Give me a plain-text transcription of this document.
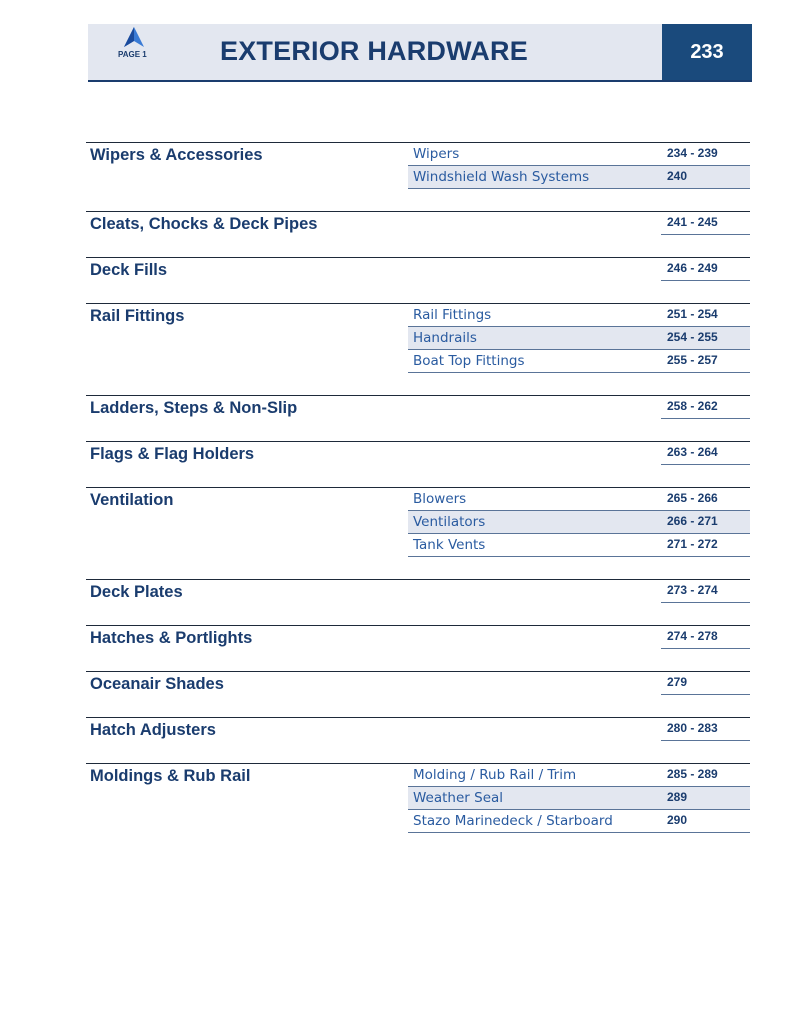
PAGE 1	EXTERIOR HARDWARE	233
Wipers & Accessories	Wipers	234 - 239
Windshield Wash Systems	240
Cleats, Chocks & Deck Pipes	241 - 245
Deck Fills	246 - 249
Rail Fittings	Rail Fittings	251 - 254
Handrails	254 - 255
Boat Top Fittings	255 - 257
Ladders, Steps & Non-Slip	258 - 262
Flags & Flag Holders	263 - 264
Ventilation	Blowers	265 - 266
Ventilators	266 - 271
Tank Vents	271 - 272
Deck Plates	273 - 274
Hatches & Portlights	274 - 278
Oceanair Shades	279
Hatch Adjusters	280 - 283
Moldings & Rub Rail	Molding / Rub Rail / Trim	285 - 289
Weather Seal	289
Stazo Marinedeck / Starboard	290
